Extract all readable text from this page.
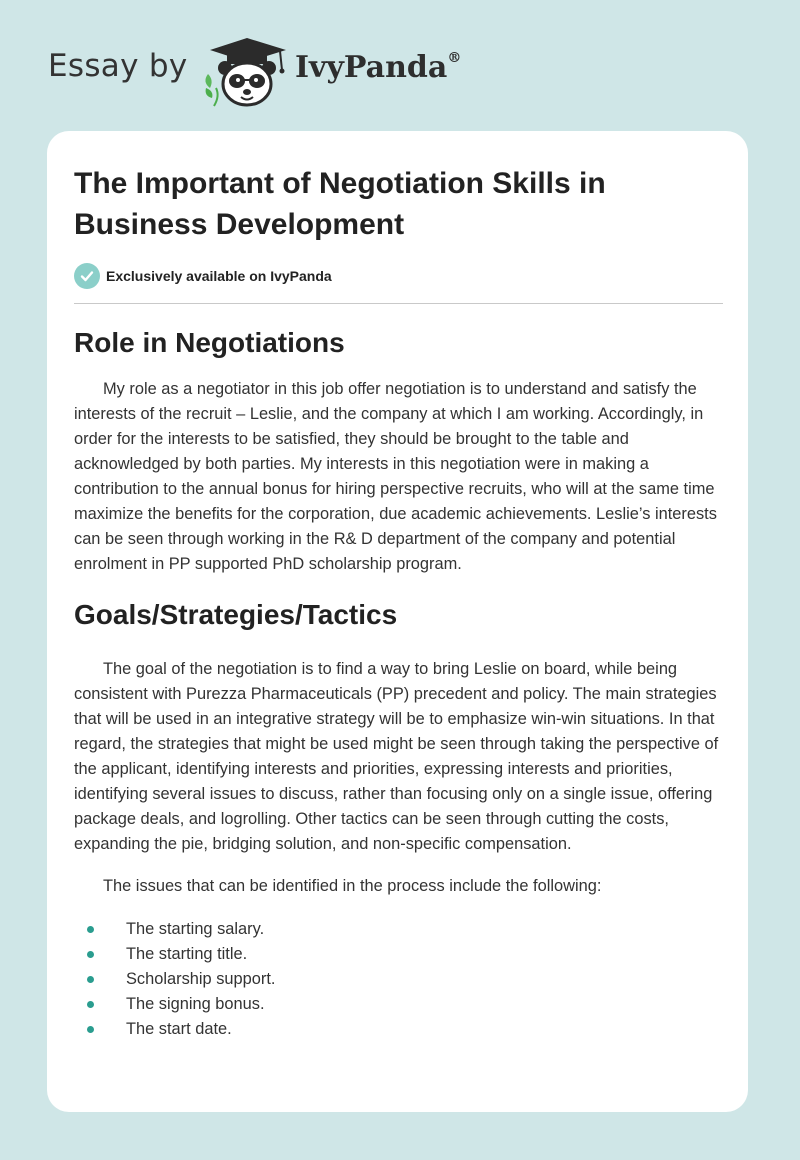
Essay by	IvyPanda®
The Important of Negotiation Skills in Business Development
Exclusively available on IvyPanda
Role in Negotiations

My role as a negotiator in this job offer negotiation is to understand and satisfy the interests of the recruit – Leslie, and the company at which I am working. Accordingly, in order for the interests to be satisfied, they should be brought to the table and acknowledged by both parties. My interests in this negotiation were in making a contribution to the annual bonus for hiring perspective recruits, who will at the same time maximize the benefits for the corporation, due academic achievements. Leslie’s interests can be seen through working in the R& D department of the company and potential enrolment in PP supported PhD scholarship program.

Goals/Strategies/Tactics

The goal of the negotiation is to find a way to bring Leslie on board, while being consistent with Purezza Pharmaceuticals (PP) precedent and policy. The main strategies that will be used in an integrative strategy will be to emphasize win-win situations. In that regard, the strategies that might be used might be seen through taking the perspective of the applicant, identifying interests and priorities, expressing interests and priorities, identifying several issues to discuss, rather than focusing only on a single issue, offering package deals, and logrolling. Other tactics can be seen through cutting the costs, expanding the pie, bridging solution, and non-specific compensation.

The issues that can be identified in the process include the following:

The starting salary.
The starting title.
Scholarship support.
The signing bonus.
The start date.
